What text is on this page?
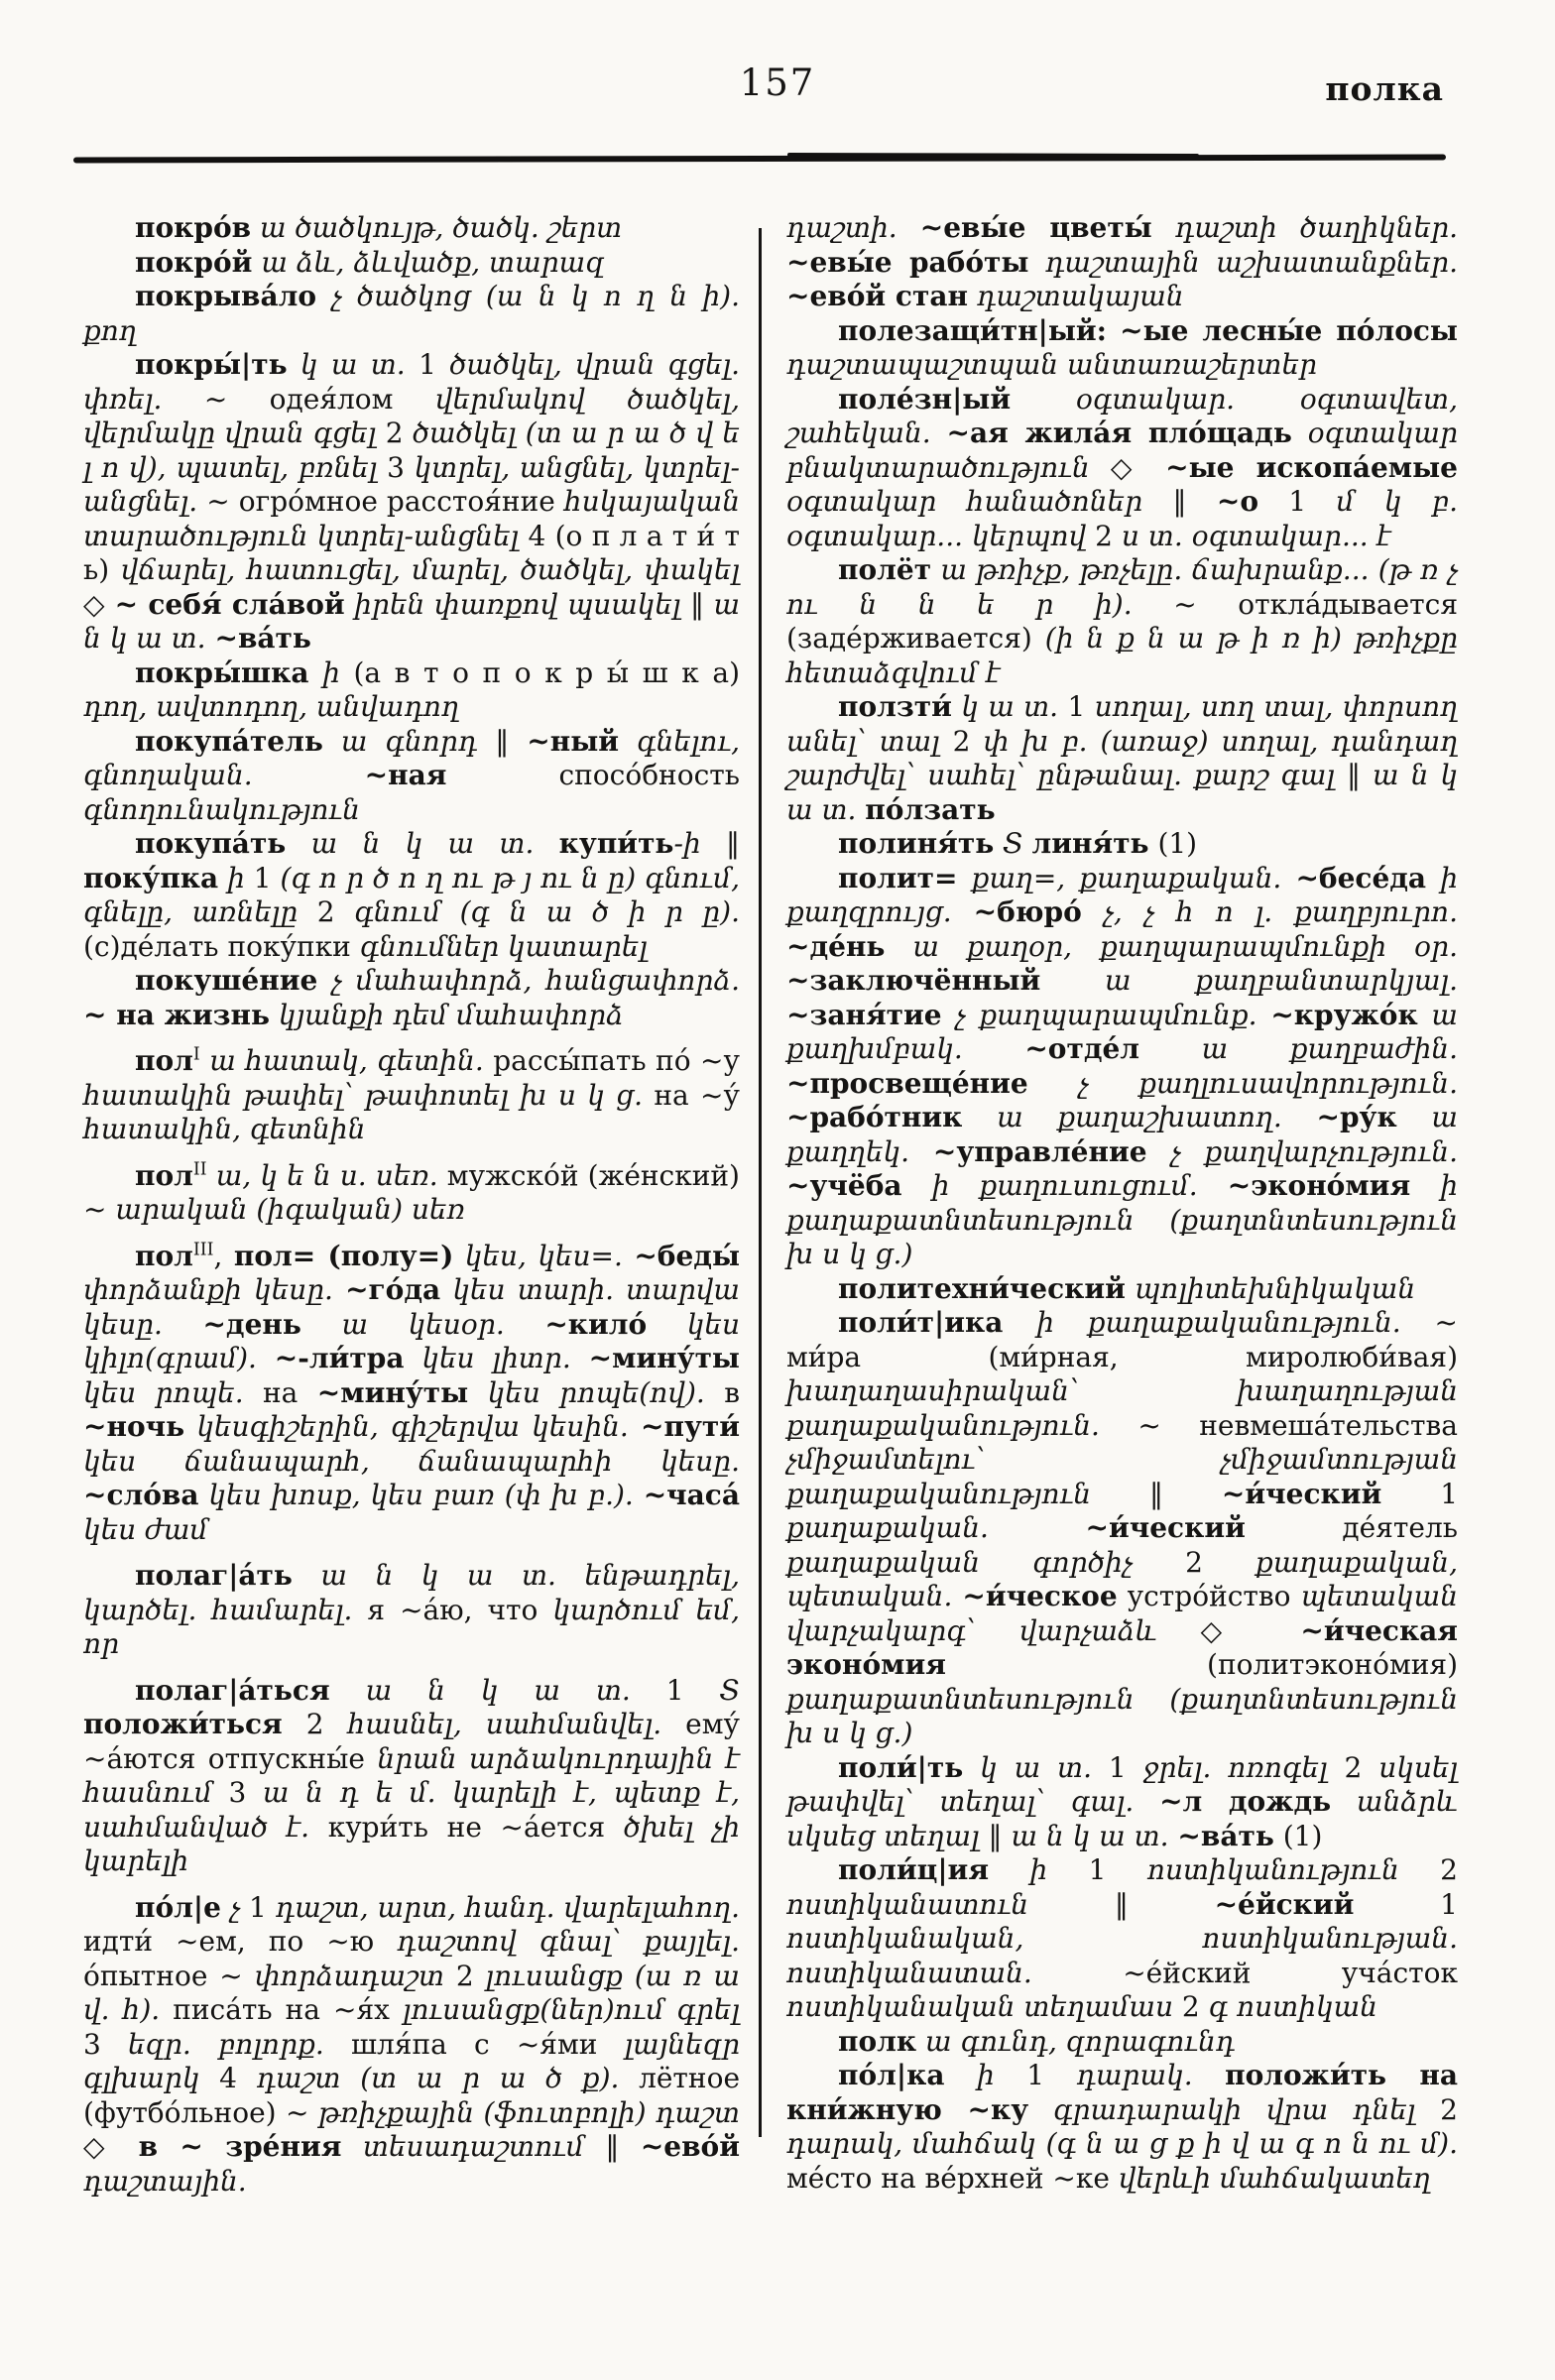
157	полка

покро́в ա ծածկույթ, ծածկ. շերտ

покро́й ա ձև, ձևվածք, տարազ

покрыва́ло չ ծածկոց (ա ն կ ո ղ ն ի). քող

покры́|ть կ ա տ. 1 ծածկել, վրան գցել. փռել. ~ одея́лом վերմակով ծածկել, վերմակը վրան գցել 2 ծածկել (տ ա ր ա ծ վ ե լ ո վ), պատել, բռնել 3 կտրել, անցնել, կտրել-անցնել. ~ огро́мное расстоя́ние հսկայական տարածություն կտրել-անցնել 4 (о п л а т и́ т ь) վճարել, հատուցել, մարել, ծածկել, փակել ◇ ~ себя́ сла́вой իրեն փառքով պսակել ‖ ա ն կ ա տ. ~ва́ть

покры́шка ի (а в т о п о к р ы́ ш к а) դող, ավտոդող, անվադող

покупа́тель ա գնորդ ‖ ~ный գնելու, գնողական. ~ная спосо́бность գնողունակություն

покупа́ть ա ն կ ա տ. купи́ть-ի ‖ поку́пка ի 1 (գ ո ր ծ ո ղ ու թ յ ու ն ը) գնում, գնելը, առնելը 2 գնում (գ ն ա ծ ի ր ը). (с)де́лать поку́пки գնումներ կատարել

покуше́ние չ մահափորձ, հանցափորձ. ~ на жизнь կյանքի դեմ մահափորձ

пол$^I$ ա հատակ, գետին. рассы́пать по́ ~у հատակին թափել՝ թափոտել խ ս կ ց. на ~у́ հատակին, գետնին

пол$^{II}$ ա, կ ե ն ս. սեռ. мужско́й (же́нский) ~ արական (իգական) սեռ

пол$^{III}$, пол= (полу=) կես, կես=. ~беды́ փորձանքի կեսը. ~го́да կես տարի. տարվա կեսը. ~день ա կեսօր. ~кило́ կես կիլո(գրամ). ~-ли́тра կես լիտր. ~мину́ты կես րոպե. на ~мину́ты կես րոպե(ով). в ~ночь կեսգիշերին, գիշերվա կեսին. ~пути́ կես ճանապարհ, ճանապարհի կեսը. ~сло́ва կես խոսք, կես բառ (փ խ բ.). ~часа́ կես ժամ

полаг|а́ть ա ն կ ա տ. ենթադրել, կարծել. համարել. я ~а́ю, что կարծում եմ, որ

полаг|а́ться ա ն կ ա տ. 1 Տ положи́ться 2 հասնել, սահմանվել. ему́ ~а́ются отпускны́е նրան արձակուրդային է հասնում 3 ա ն դ ե մ. կարելի է, պետք է, սահմանված է. кури́ть не ~а́ется ծխել չի կարելի

по́л|е չ 1 դաշտ, արտ, հանդ. վարելահող. идти́ ~ем, по ~ю դաշտով գնալ՝ քայլել. о́пытное ~ փորձադաշտ 2 լուսանցք (ա ռ ա վ. հ). писа́ть на ~я́х լուսանցք(ներ)ում գրել 3 եզր. բոլորք. шля́па с ~я́ми լայնեզր գլխարկ 4 դաշտ (տ ա ր ա ծ ք). лётное (футбо́льное) ~ թռիչքային (ֆուտբոլի) դաշտ ◇ в ~ зре́ния տեսադաշտում ‖ ~ево́й դաշտային.

դաշտի. ~евы́е цветы́ դաշտի ծաղիկներ. ~евы́е рабо́ты դաշտային աշխատանքներ. ~ево́й стан դաշտակայան

полезащи́тн|ый: ~ые лесны́е по́лосы դաշտապաշտպան անտառաշերտեր

поле́зн|ый օգտակար. օգտավետ, շահեկան. ~ая жила́я пло́щадь օգտակար բնակտարածություն ◇ ~ые ископа́емые օգտակար հանածոներ ‖ ~о 1 մ կ բ. օգտակար... կերպով 2 ս տ. օգտակար... է

полёт ա թռիչք, թռչելը. ճախրանք... (թ ռ չ ու ն ն ե ր ի). ~ откла́дывается (заде́рживается) (ի ն ք ն ա թ ի ռ ի) թռիչքը հետաձգվում է

ползти́ կ ա տ. 1 սողալ, սող տալ, փորսող անել՝ տալ 2 փ խ բ. (առաջ) սողալ, դանդաղ շարժվել՝ սահել՝ ընթանալ. քարշ գալ ‖ ա ն կ ա տ. по́лзать

полиня́ть Տ линя́ть (1)

полит= քաղ=, քաղաքական. ~бесе́да ի քաղզրույց. ~бюро́ չ, չ հ ո լ. քաղբյուրո. ~де́нь ա քաղօր, քաղպարապմունքի օր. ~заключённый ա քաղբանտարկյալ. ~заня́тие չ քաղպարապմունք. ~кружо́к ա քաղխմբակ. ~отде́л ա քաղբաժին. ~просвеще́ние չ քաղլուսավորություն. ~рабо́тник ա քաղաշխատող. ~ру́к ա քաղղեկ. ~управле́ние չ քաղվարչություն. ~учёба ի քաղուսուցում. ~эконо́мия ի քաղաքատնտեսություն (քաղտնտեսություն խ ս կ ց.)

политехни́ческий պոլիտեխնիկական

поли́т|ика ի քաղաքականություն. ~ ми́ра (ми́рная, миролюби́вая) խաղաղասիրական՝ խաղաղության քաղաքականություն. ~ невмеша́тельства չմիջամտելու՝ չմիջամտության քաղաքականություն ‖ ~и́ческий 1 քաղաքական. ~и́ческий де́ятель քաղաքական գործիչ 2 քաղաքական, պետական. ~и́ческое устро́йство պետական վարչակարգ՝ վարչաձև ◇ ~и́ческая эконо́мия (политэконо́мия) քաղաքատնտեսություն (քաղտնտեսություն խ ս կ ց.)

поли́|ть կ ա տ. 1 ջրել. ոռոգել 2 սկսել թափվել՝ տեղալ՝ գալ. ~л дождь անձրև սկսեց տեղալ ‖ ա ն կ ա տ. ~ва́ть (1)

поли́ц|ия ի 1 ոստիկանություն 2 ոստիկանատուն ‖ ~е́йский 1 ոստիկանական, ոստիկանության. ոստիկանատան. ~е́йский уча́сток ոստիկանական տեղամաս 2 գ ոստիկան

полк ա գունդ, զորագունդ

по́л|ка ի 1 դարակ. положи́ть на кни́жную ~ку գրադարակի վրա դնել 2 դարակ, մահճակ (գ ն ա ց ք ի վ ա գ ո ն ու մ). ме́сто на ве́рхней ~ке վերևի մահճակատեղ
